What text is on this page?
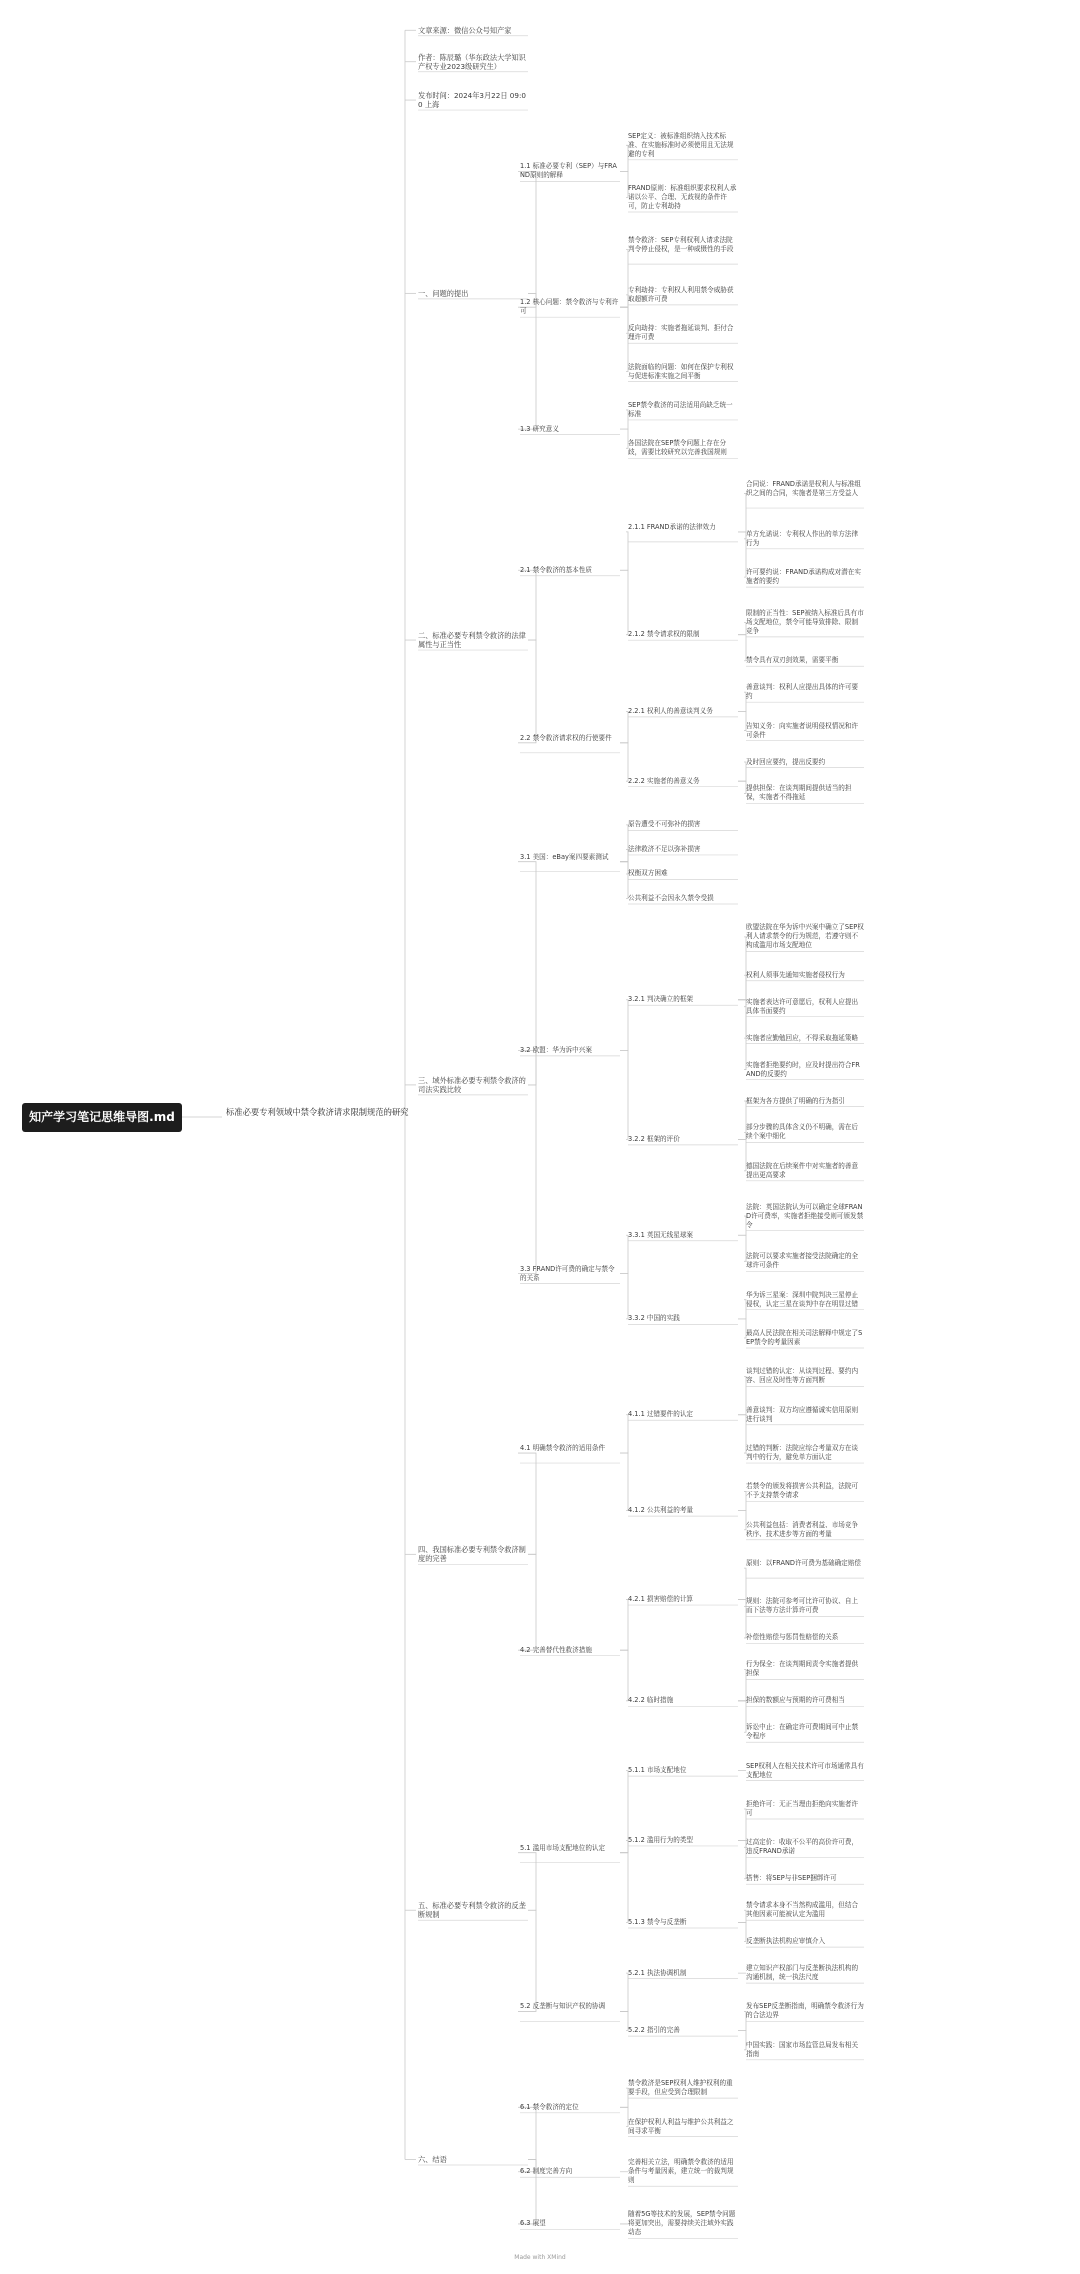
文章来源：微信公众号知产家
作者：陈辰璐（华东政法大学知识产权专业2023级研究生）
发布时间：2024年3月22日 09:00 上海
一、问题的提出
1.1 标准必要专利（SEP）与FRAND原则的解释
SEP定义：被标准组织纳入技术标准、在实施标准时必须使用且无法规避的专利
FRAND原则：标准组织要求权利人承诺以公平、合理、无歧视的条件许可，防止专利劫持
1.2 核心问题：禁令救济与专利许可
禁令救济：SEP专利权利人请求法院判令停止侵权，是一种威慑性的手段
专利劫持：专利权人利用禁令威胁获取超额许可费
反向劫持：实施者拖延谈判、拒付合理许可费
法院面临的问题：如何在保护专利权与促进标准实施之间平衡
1.3 研究意义
SEP禁令救济的司法适用尚缺乏统一标准
各国法院在SEP禁令问题上存在分歧，需要比较研究以完善我国规则
二、标准必要专利禁令救济的法律属性与正当性
2.1 禁令救济的基本性质
2.1.1 FRAND承诺的法律效力
合同说：FRAND承诺是权利人与标准组织之间的合同，实施者是第三方受益人
单方允诺说：专利权人作出的单方法律行为
许可要约说：FRAND承诺构成对潜在实施者的要约
2.1.2 禁令请求权的限制
限制的正当性：SEP被纳入标准后具有市场支配地位，禁令可能导致排除、限制竞争
禁令具有双刃剑效果，需要平衡
2.2 禁令救济请求权的行使要件
2.2.1 权利人的善意谈判义务
善意谈判：权利人应提出具体的许可要约
告知义务：向实施者说明侵权情况和许可条件
2.2.2 实施者的善意义务
及时回应要约，提出反要约
提供担保：在谈判期间提供适当的担保，实施者不得拖延
三、域外标准必要专利禁令救济的司法实践比较
3.1 美国：eBay案四要素测试
原告遭受不可弥补的损害
法律救济不足以弥补损害
权衡双方困难
公共利益不会因永久禁令受损
3.2 欧盟：华为诉中兴案
3.2.1 判决确立的框架
欧盟法院在华为诉中兴案中确立了SEP权利人请求禁令的行为规范，若遵守则不构成滥用市场支配地位
权利人须事先通知实施者侵权行为
实施者表达许可意愿后，权利人应提出具体书面要约
实施者应勤勉回应，不得采取拖延策略
实施者拒绝要约时，应及时提出符合FRAND的反要约
3.2.2 框架的评价
框架为各方提供了明确的行为指引
部分步骤的具体含义仍不明确，需在后续个案中细化
德国法院在后续案件中对实施者的善意提出更高要求
3.3 FRAND许可费的确定与禁令的关系
3.3.1 英国无线星球案
法院：英国法院认为可以确定全球FRAND许可费率，实施者拒绝接受则可颁发禁令
法院可以要求实施者接受法院确定的全球许可条件
3.3.2 中国的实践
华为诉三星案：深圳中院判决三星停止侵权，认定三星在谈判中存在明显过错
最高人民法院在相关司法解释中规定了SEP禁令的考量因素
四、我国标准必要专利禁令救济制度的完善
4.1 明确禁令救济的适用条件
4.1.1 过错要件的认定
谈判过错的认定：从谈判过程、要约内容、回应及时性等方面判断
善意谈判：双方均应遵循诚实信用原则进行谈判
过错的判断：法院应综合考量双方在谈判中的行为，避免单方面认定
4.1.2 公共利益的考量
若禁令的颁发将损害公共利益，法院可不予支持禁令请求
公共利益包括：消费者利益、市场竞争秩序、技术进步等方面的考量
4.2 完善替代性救济措施
4.2.1 损害赔偿的计算
原则：以FRAND许可费为基础确定赔偿
规则：法院可参考可比许可协议、自上而下法等方法计算许可费
补偿性赔偿与惩罚性赔偿的关系
4.2.2 临时措施
行为保全：在谈判期间责令实施者提供担保
担保的数额应与预期的许可费相当
诉讼中止：在确定许可费期间可中止禁令程序
五、标准必要专利禁令救济的反垄断规制
5.1 滥用市场支配地位的认定
5.1.1 市场支配地位
SEP权利人在相关技术许可市场通常具有支配地位
5.1.2 滥用行为的类型
拒绝许可：无正当理由拒绝向实施者许可
过高定价：收取不公平的高价许可费，违反FRAND承诺
搭售：将SEP与非SEP捆绑许可
5.1.3 禁令与反垄断
禁令请求本身不当然构成滥用，但结合其他因素可能被认定为滥用
反垄断执法机构应审慎介入
5.2 反垄断与知识产权的协调
5.2.1 执法协调机制
建立知识产权部门与反垄断执法机构的沟通机制，统一执法尺度
5.2.2 指引的完善
发布SEP反垄断指南，明确禁令救济行为的合法边界
中国实践：国家市场监管总局发布相关指南
六、结语
6.1 禁令救济的定位
禁令救济是SEP权利人维护权利的重要手段，但应受到合理限制
在保护权利人利益与维护公共利益之间寻求平衡
6.2 制度完善方向
完善相关立法，明确禁令救济的适用条件与考量因素，建立统一的裁判规则
6.3 展望
随着5G等技术的发展，SEP禁令问题将更加突出，需要持续关注域外实践动态
知产学习笔记思维导图.md	标准必要专利领域中禁令救济请求限制规范的研究
Made with XMind
